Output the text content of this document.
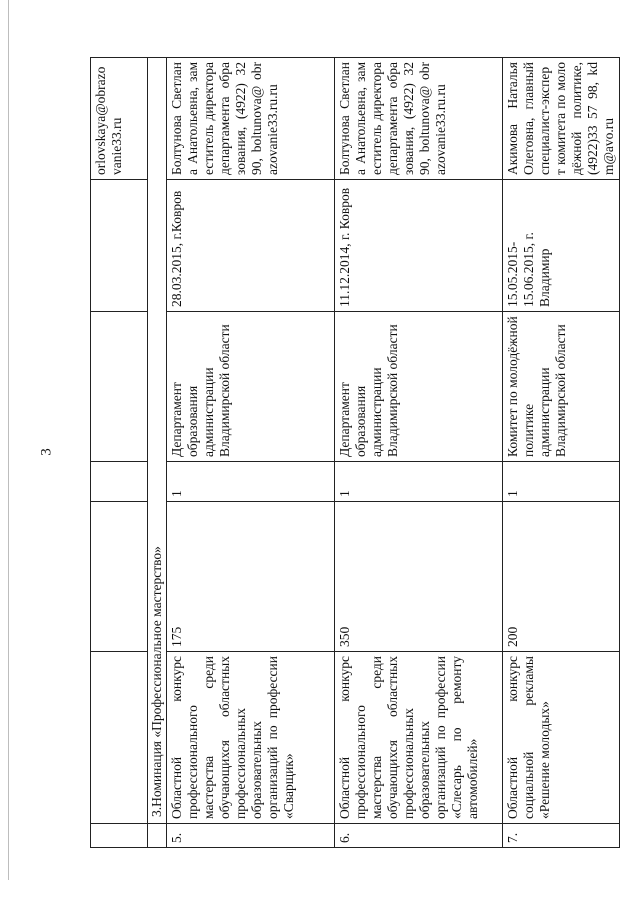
3
						orlovskaya@obrazovanie33.ru
	3.Номинация «Профессиональное мастерство»					
5.	Областной конкурс профессионального мастерства среди обучающихся областных профессиональных образовательных организаций по профессии «Сварщик»	175	1	Департамент образования администрации Владимирской области	28.03.2015, г.Ковров	Болтунова Светлана Анатольевна, заместитель директора департамента образования, (4922) 32 90, boltunova@ obrazovanie33.ru.ru
6.	Областной конкурс профессионального мастерства среди обучающихся областных профессиональных образовательных организаций по профессии «Слесарь по ремонту автомобилей»	350	1	Департамент образования администрации Владимирской области	11.12.2014, г. Ковров	Болтунова Светлана Анатольевна, заместитель директора департамента образования, (4922) 32 90, boltunova@ obrazovanie33.ru.ru
7.	Областной конкурс социальной рекламы «Решение молодых»	200	1	Комитет по молодёжной политике администрации Владимирской области	15.05.2015-15.06.2015, г. Владимир	Акимова Наталья Олеговна, главный специалист-эксперт комитета по молодёжной политике, (4922)33 57 98, kdm@avo.ru
